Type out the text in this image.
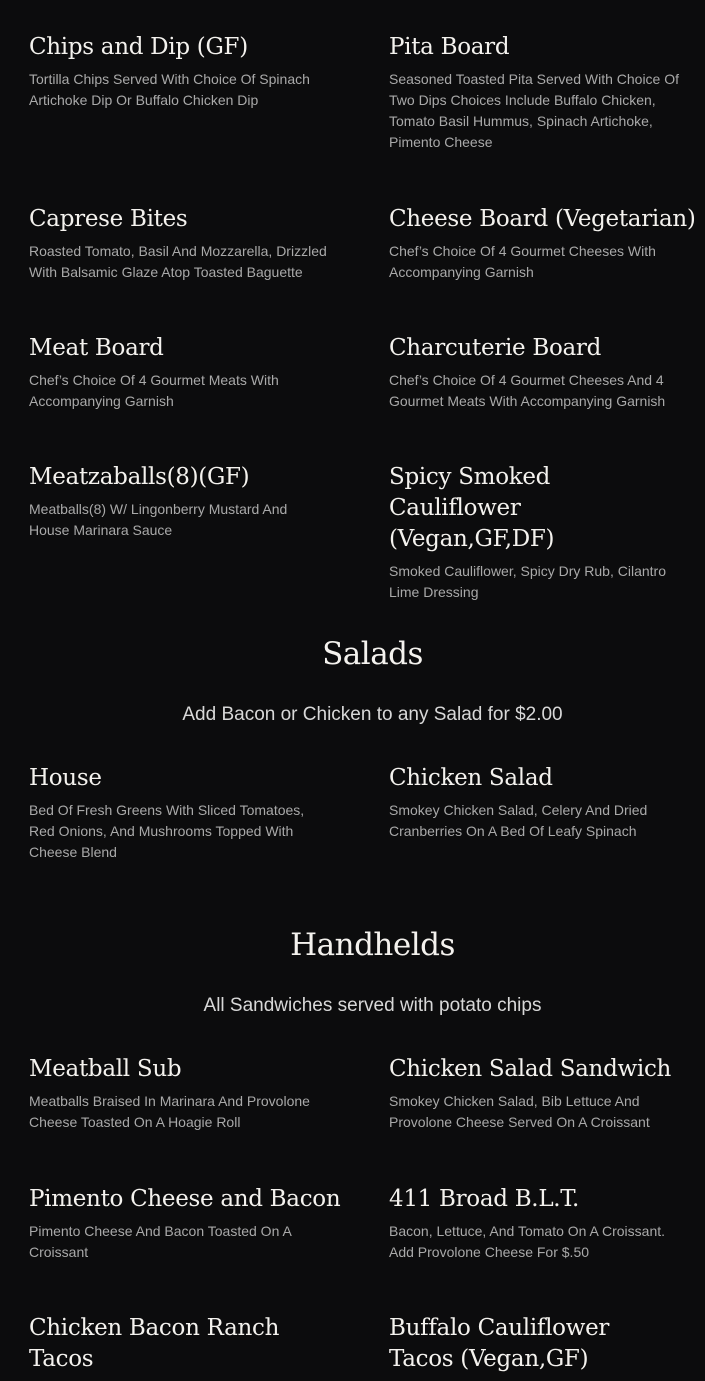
Chips and Dip (GF)

Tortilla Chips Served With Choice Of Spinach Artichoke Dip Or Buffalo Chicken Dip

Pita Board

Seasoned Toasted Pita Served With Choice Of Two Dips Choices Include Buffalo Chicken, Tomato Basil Hummus, Spinach Artichoke, Pimento Cheese

Caprese Bites

Roasted Tomato, Basil And Mozzarella, Drizzled With Balsamic Glaze Atop Toasted Baguette

Cheese Board (Vegetarian)

Chef’s Choice Of 4 Gourmet Cheeses With Accompanying Garnish

Meat Board

Chef’s Choice Of 4 Gourmet Meats With Accompanying Garnish

Charcuterie Board

Chef’s Choice Of 4 Gourmet Cheeses And 4 Gourmet Meats With Accompanying Garnish

Meatzaballs(8)(GF)

Meatballs(8) W/ Lingonberry Mustard And House Marinara Sauce

Spicy Smoked Cauliflower (Vegan,GF,DF)

Smoked Cauliflower, Spicy Dry Rub, Cilantro Lime Dressing

Salads

Add Bacon or Chicken to any Salad for $2.00

House

Bed Of Fresh Greens With Sliced Tomatoes, Red Onions, And Mushrooms Topped With Cheese Blend

Chicken Salad

Smokey Chicken Salad, Celery And Dried Cranberries On A Bed Of Leafy Spinach

Handhelds

All Sandwiches served with potato chips

Meatball Sub

Meatballs Braised In Marinara And Provolone Cheese Toasted On A Hoagie Roll

Chicken Salad Sandwich

Smokey Chicken Salad, Bib Lettuce And Provolone Cheese Served On A Croissant

Pimento Cheese and Bacon

Pimento Cheese And Bacon Toasted On A Croissant

411 Broad B.L.T.

Bacon, Lettuce, And Tomato On A Croissant. Add Provolone Cheese For $.50

Chicken Bacon Ranch Tacos
Buffalo Cauliflower Tacos (Vegan,GF)
